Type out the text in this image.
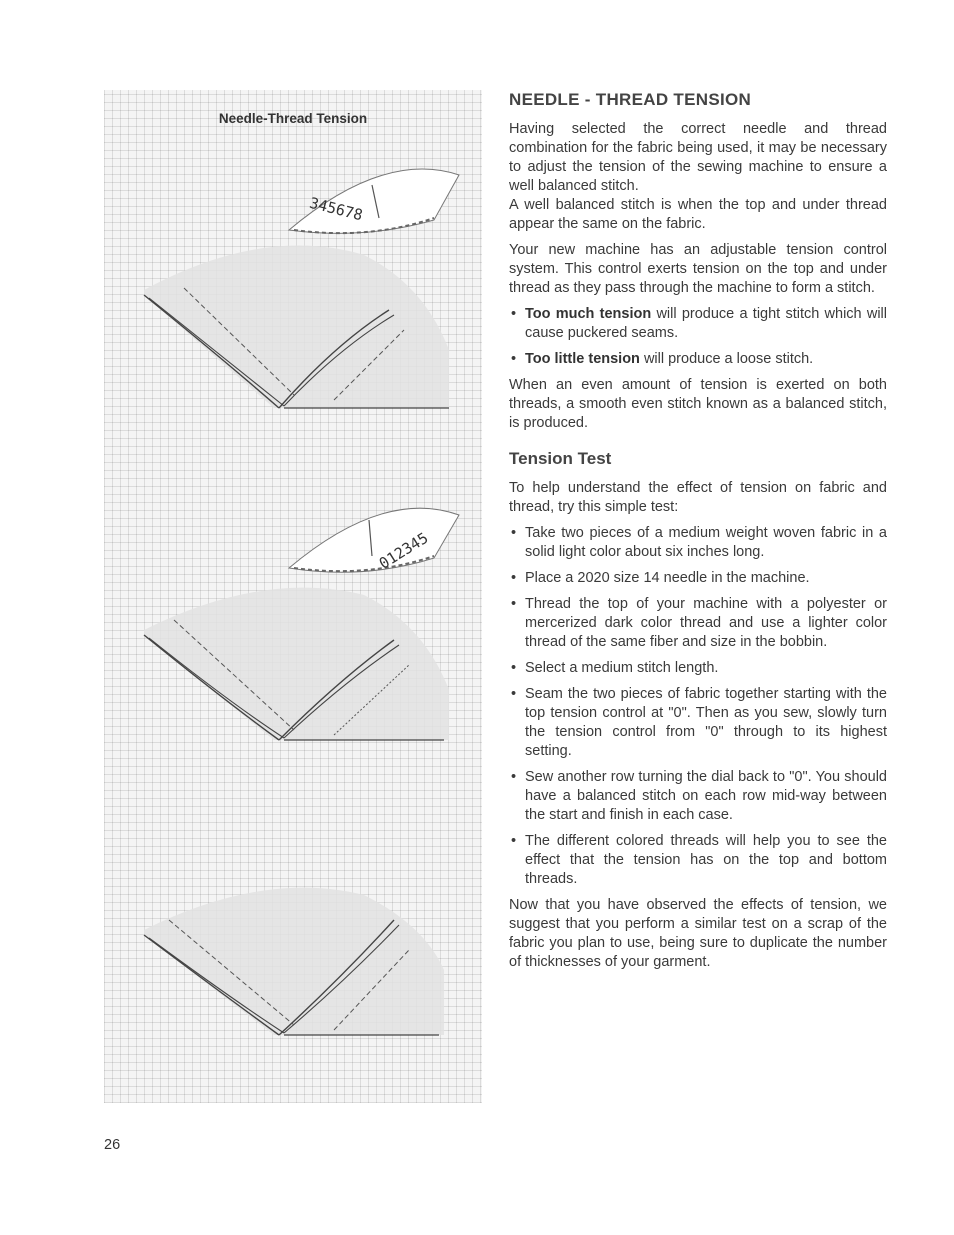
Needle-Thread Tension
345678
012345
NEEDLE - THREAD TENSION

Having selected the correct needle and thread combination for the fabric being used, it may be necessary to adjust the tension of the sewing machine to ensure a well balanced stitch.

A well balanced stitch is when the top and under thread appear the same on the fabric.

Your new machine has an adjustable tension control system. This control exerts tension on the top and under thread as they pass through the machine to form a stitch.

• Too much tension will produce a tight stitch which will cause puckered seams.
• Too little tension will produce a loose stitch.

When an even amount of tension is exerted on both threads, a smooth even stitch known as a balanced stitch, is produced.

Tension Test

To help understand the effect of tension on fabric and thread, try this simple test:

• Take two pieces of a medium weight woven fabric in a solid light color about six inches long.
• Place a 2020 size 14 needle in the machine.
• Thread the top of your machine with a polyester or mercerized dark color thread and use a lighter color thread of the same fiber and size in the bobbin.
• Select a medium stitch length.
• Seam the two pieces of fabric together starting with the top tension control at "0". Then as you sew, slowly turn the tension control from "0" through to its highest setting.
• Sew another row turning the dial back to "0". You should have a balanced stitch on each row mid-way between the start and finish in each case.
• The different colored threads will help you to see the effect that the tension has on the top and bottom threads.

Now that you have observed the effects of tension, we suggest that you perform a similar test on a scrap of the fabric you plan to use, being sure to duplicate the number of thicknesses of your garment.

26
